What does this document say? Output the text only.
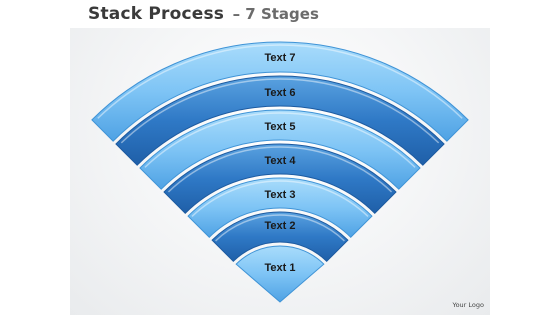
Stack Process – 7 Stages
Text 1
Text 2
Text 3
Text 4
Text 5
Text 6
Text 7
Your Logo
